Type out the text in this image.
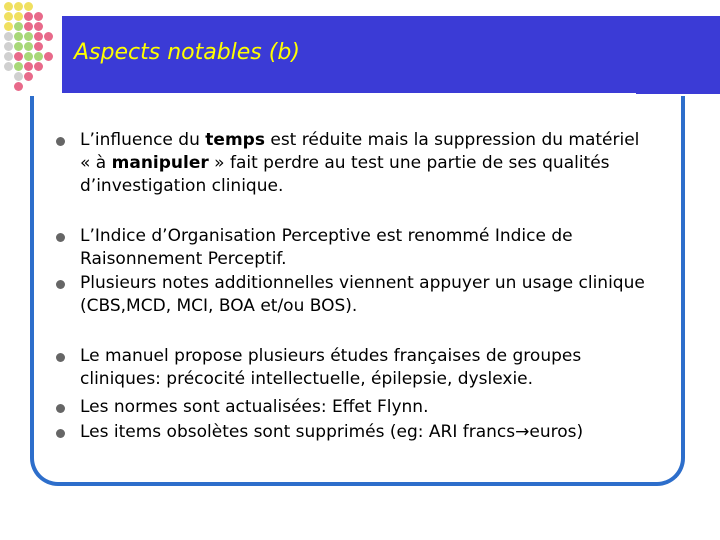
Aspects notables (b)
L’influence du temps est réduite mais la suppression du matériel « à manipuler » fait perdre au test une partie de ses qualités d’investigation clinique.
L’Indice d’Organisation Perceptive est renommé Indice de Raisonnement Perceptif.
Plusieurs notes additionnelles viennent appuyer un usage clinique (CBS,MCD, MCI, BOA et/ou BOS).
Le manuel propose plusieurs études françaises de groupes cliniques: précocité intellectuelle, épilepsie, dyslexie.
Les normes sont actualisées: Effet Flynn.
Les items obsolètes sont supprimés (eg: ARI francs→euros)
